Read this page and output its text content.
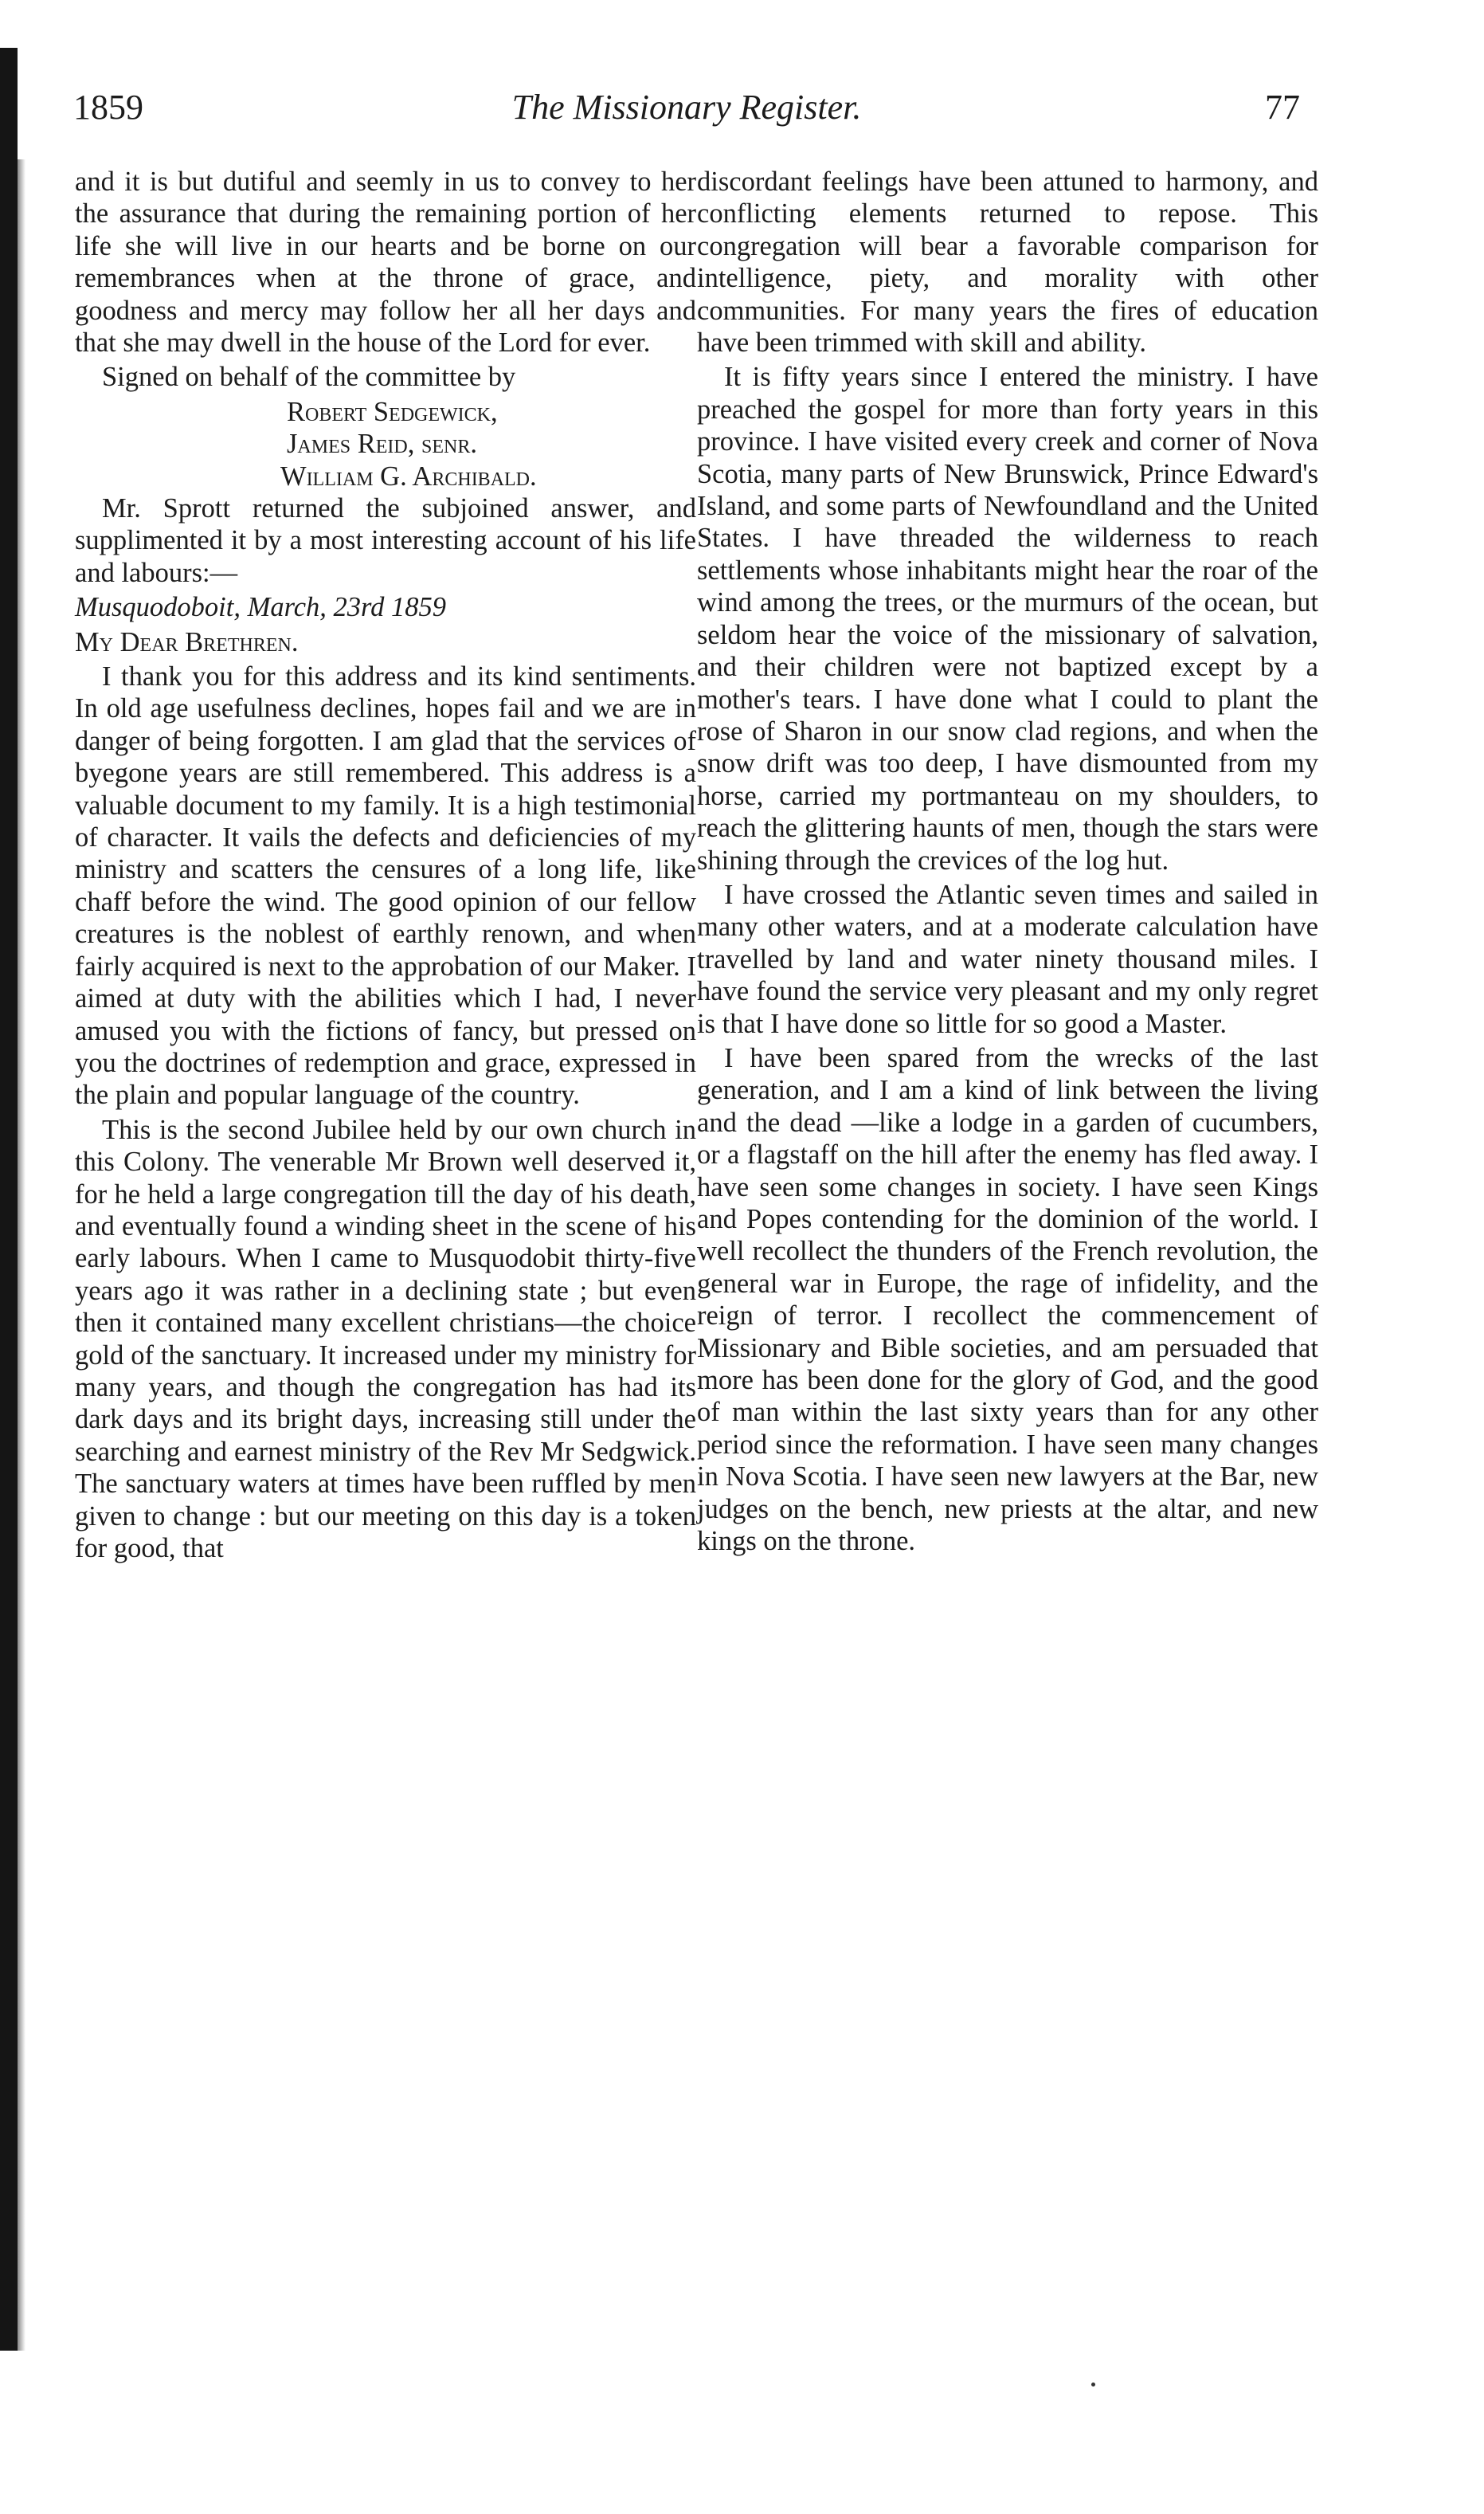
1859	The Missionary Register.	77

and it is but dutiful and seemly in us to convey to her the assurance that during the remaining portion of her life she will live in our hearts and be borne on our remembrances when at the throne of grace, and goodness and mercy may follow her all her days and that she may dwell in the house of the Lord for ever.

Signed on behalf of the committee by

Robert Sedgewick,
James Reid, senr.
William G. Archibald.

Mr. Sprott returned the subjoined answer, and supplimented it by a most interesting account of his life and labours:—

Musquodoboit, March, 23rd 1859

My Dear Brethren.

I thank you for this address and its kind sentiments. In old age usefulness declines, hopes fail and we are in danger of being forgotten. I am glad that the services of byegone years are still remembered. This address is a valuable document to my family. It is a high testimonial of character. It vails the defects and deficiencies of my ministry and scatters the censures of a long life, like chaff before the wind. The good opinion of our fellow creatures is the noblest of earthly renown, and when fairly acquired is next to the approbation of our Maker. I aimed at duty with the abilities which I had, I never amused you with the fictions of fancy, but pressed on you the doctrines of redemption and grace, expressed in the plain and popular language of the country.

This is the second Jubilee held by our own church in this Colony. The venerable Mr Brown well deserved it, for he held a large congregation till the day of his death, and eventually found a winding sheet in the scene of his early labours. When I came to Musquodobit thirty-five years ago it was rather in a declining state ; but even then it contained many excellent christians—the choice gold of the sanctuary. It increased under my ministry for many years, and though the congregation has had its dark days and its bright days, increasing still under the searching and earnest ministry of the Rev Mr Sedgwick. The sanctuary waters at times have been ruffled by men given to change : but our meeting on this day is a token for good, that

discordant feelings have been attuned to harmony, and conflicting elements returned to repose. This congregation will bear a favorable comparison for intelligence, piety, and morality with other communities. For many years the fires of education have been trimmed with skill and ability.

It is fifty years since I entered the ministry. I have preached the gospel for more than forty years in this province. I have visited every creek and corner of Nova Scotia, many parts of New Brunswick, Prince Edward's Island, and some parts of Newfoundland and the United States. I have threaded the wilderness to reach settlements whose inhabitants might hear the roar of the wind among the trees, or the murmurs of the ocean, but seldom hear the voice of the missionary of salvation, and their children were not baptized except by a mother's tears. I have done what I could to plant the rose of Sharon in our snow clad regions, and when the snow drift was too deep, I have dismounted from my horse, carried my portmanteau on my shoulders, to reach the glittering haunts of men, though the stars were shining through the crevices of the log hut.

I have crossed the Atlantic seven times and sailed in many other waters, and at a moderate calculation have travelled by land and water ninety thousand miles. I have found the service very pleasant and my only regret is that I have done so little for so good a Master.

I have been spared from the wrecks of the last generation, and I am a kind of link between the living and the dead —like a lodge in a garden of cucumbers, or a flagstaff on the hill after the enemy has fled away. I have seen some changes in society. I have seen Kings and Popes contending for the dominion of the world. I well recollect the thunders of the French revolution, the general war in Europe, the rage of infidelity, and the reign of terror. I recollect the commencement of Missionary and Bible societies, and am persuaded that more has been done for the glory of God, and the good of man within the last sixty years than for any other period since the reformation. I have seen many changes in Nova Scotia. I have seen new lawyers at the Bar, new judges on the bench, new priests at the altar, and new kings on the throne.
